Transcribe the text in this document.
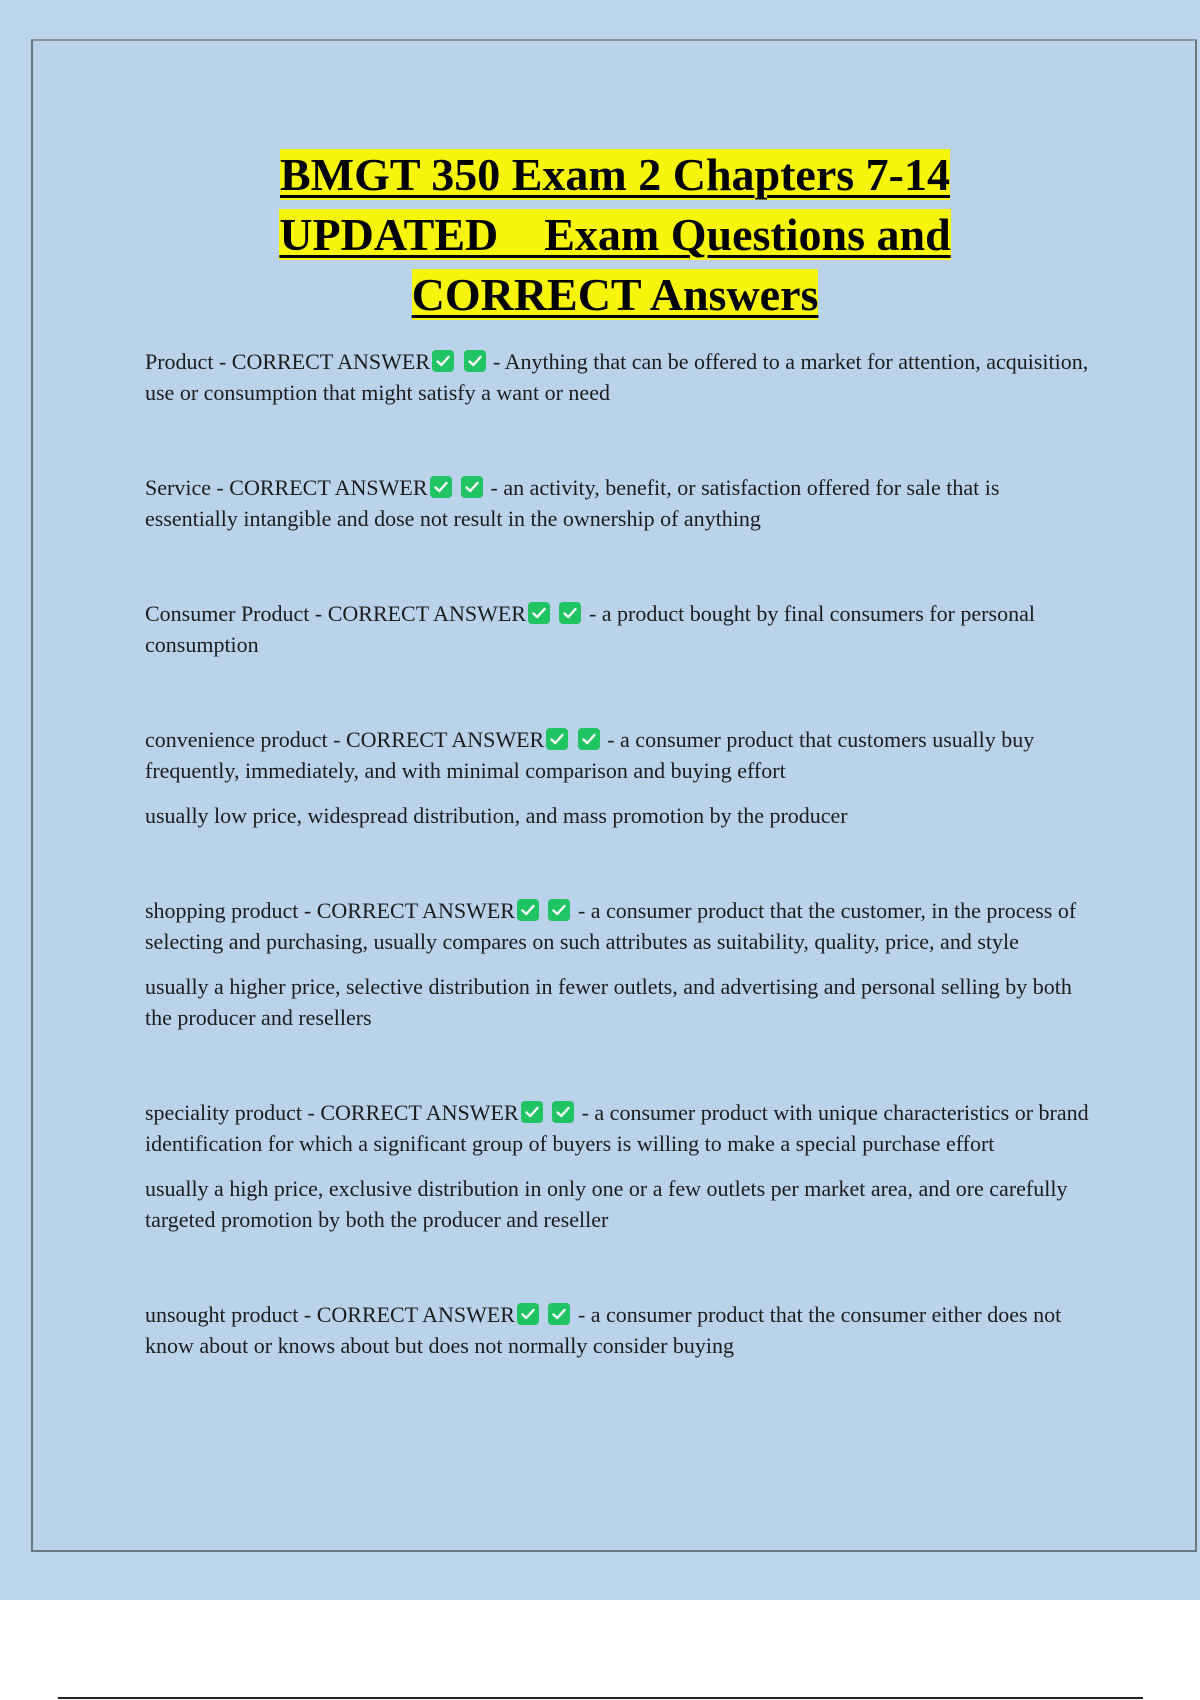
BMGT 350 Exam 2 Chapters 7-14
UPDATED    Exam Questions and
CORRECT Answers

Product - CORRECT ANSWER
	- Anything that can be offered to a market for attention, acquisition, use or consumption that might satisfy a want or need

Service - CORRECT ANSWER
	- an activity, benefit, or satisfaction offered for sale that is essentially intangible and dose not result in the ownership of anything

Consumer Product - CORRECT ANSWER
	- a product bought by final consumers for personal consumption

convenience product - CORRECT ANSWER
	- a consumer product that customers usually buy frequently, immediately, and with minimal comparison and buying effort

usually low price, widespread distribution, and mass promotion by the producer

shopping product - CORRECT ANSWER
	- a consumer product that the customer, in the process of selecting and purchasing, usually compares on such attributes as suitability, quality, price, and style

usually a higher price, selective distribution in fewer outlets, and advertising and personal selling by both the producer and resellers

speciality product - CORRECT ANSWER
	- a consumer product with unique characteristics or brand identification for which a significant group of buyers is willing to make a special purchase effort

usually a high price, exclusive distribution in only one or a few outlets per market area, and ore carefully targeted promotion by both the producer and reseller

unsought product - CORRECT ANSWER
	- a consumer product that the consumer either does not know about or knows about but does not normally consider buying
